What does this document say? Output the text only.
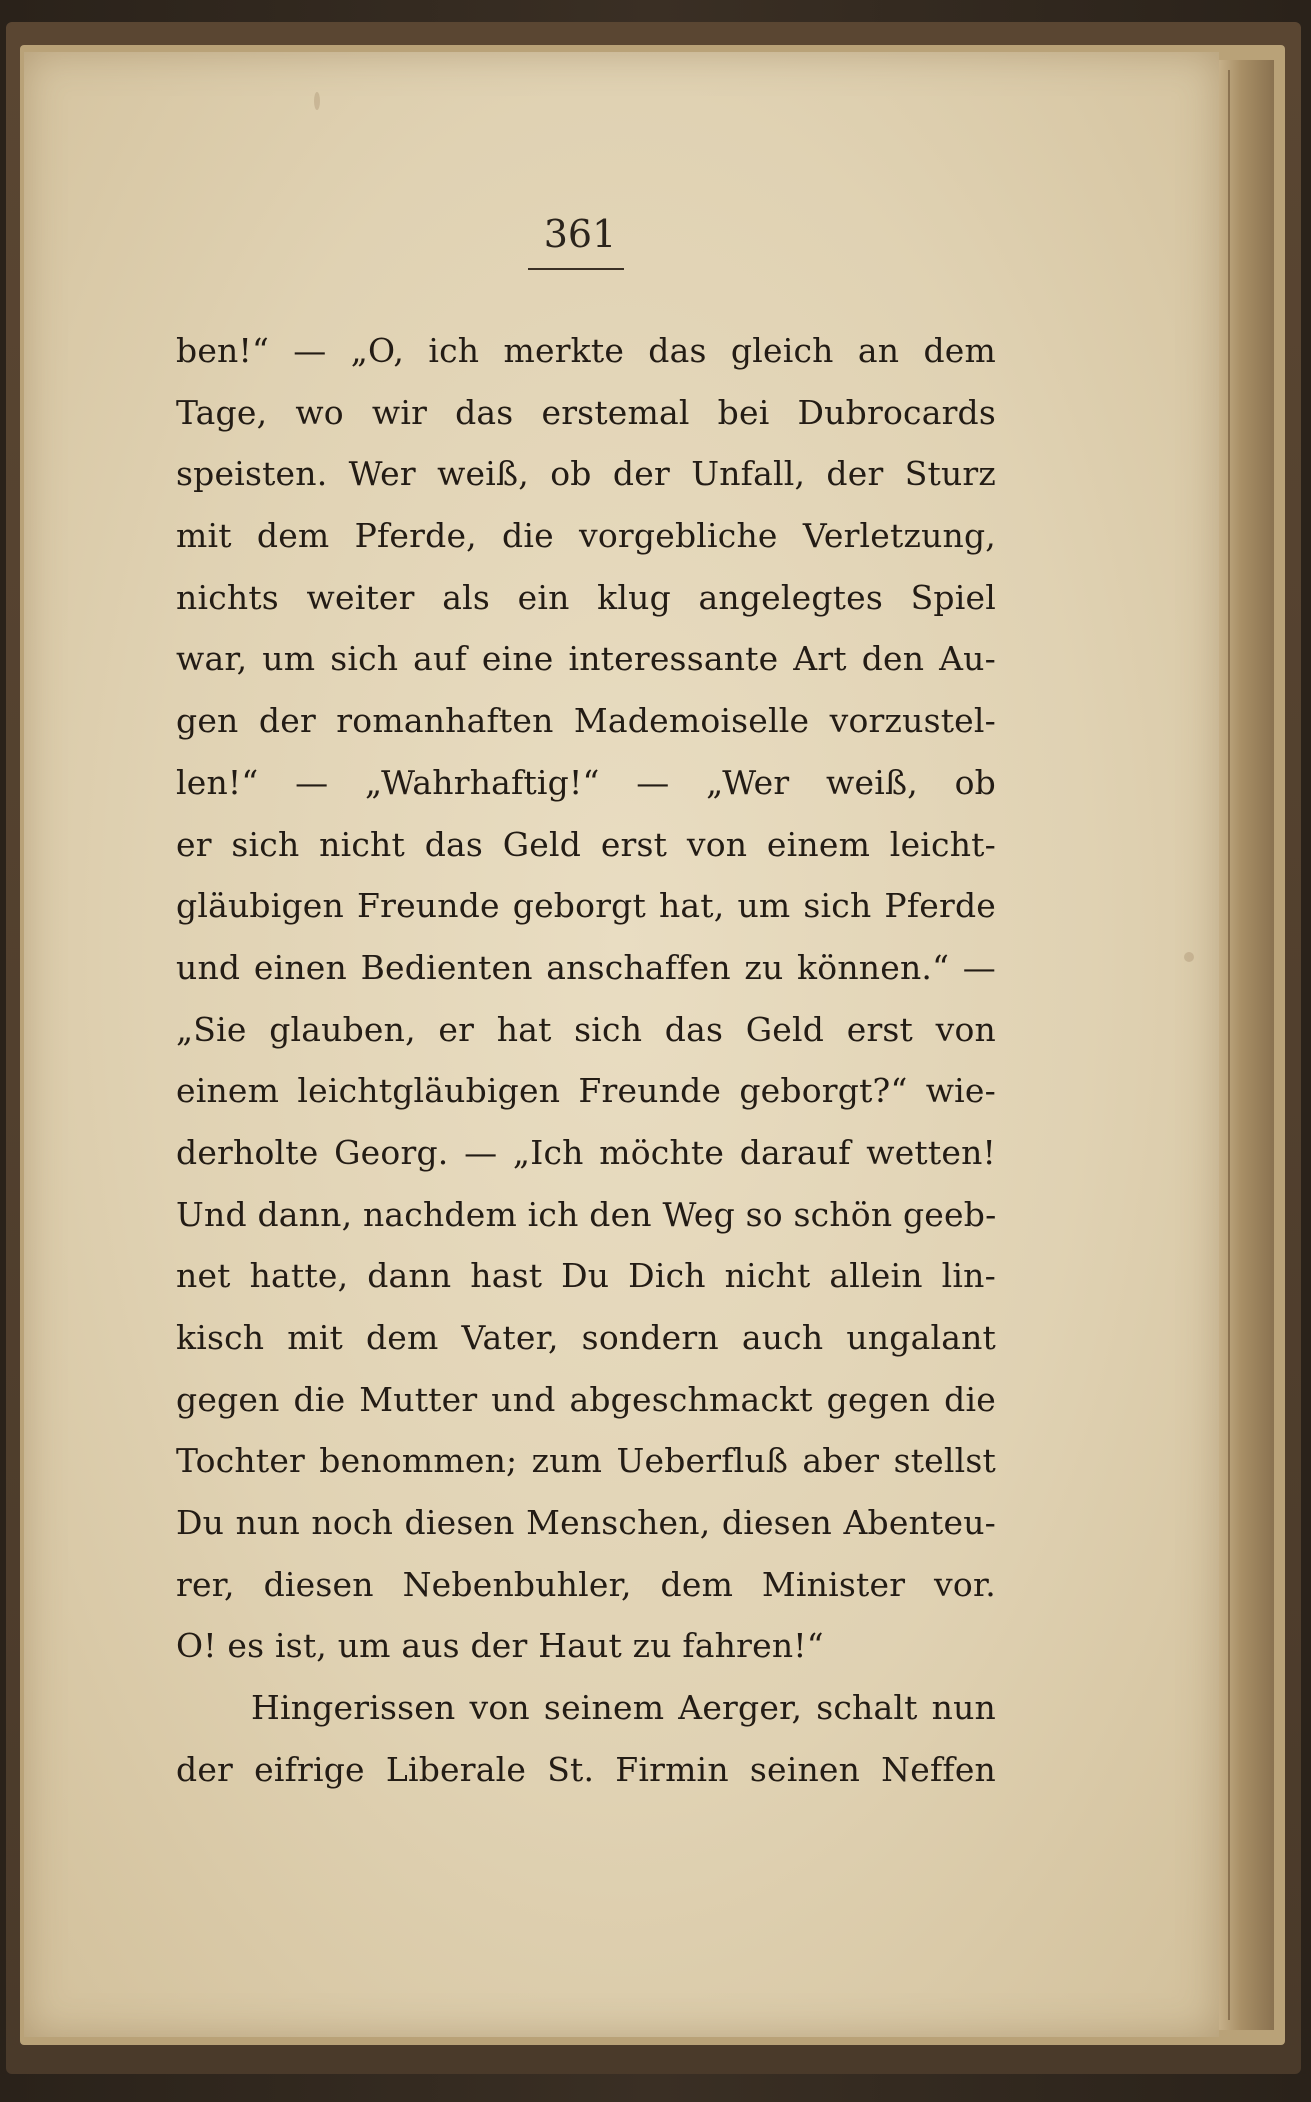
361
ben!“ — „O, ich merkte das gleich an dem
Tage, wo wir das erstemal bei Dubrocards
speisten. Wer weiß, ob der Unfall, der Sturz
mit dem Pferde, die vorgebliche Verletzung,
nichts weiter als ein klug angelegtes Spiel
war, um sich auf eine interessante Art den Au-
gen der romanhaften Mademoiselle vorzustel-
len!“ — „Wahrhaftig!“ — „Wer weiß, ob
er sich nicht das Geld erst von einem leicht-
gläubigen Freunde geborgt hat, um sich Pferde
und einen Bedienten anschaffen zu können.“ —
„Sie glauben, er hat sich das Geld erst von
einem leichtgläubigen Freunde geborgt?“ wie-
derholte Georg. — „Ich möchte darauf wetten!
Und dann, nachdem ich den Weg so schön geeb-
net hatte, dann hast Du Dich nicht allein lin-
kisch mit dem Vater, sondern auch ungalant
gegen die Mutter und abgeschmackt gegen die
Tochter benommen; zum Ueberfluß aber stellst
Du nun noch diesen Menschen, diesen Abenteu-
rer, diesen Nebenbuhler, dem Minister vor.
O! es ist, um aus der Haut zu fahren!“
Hingerissen von seinem Aerger, schalt nun
der eifrige Liberale St. Firmin seinen Neffen
